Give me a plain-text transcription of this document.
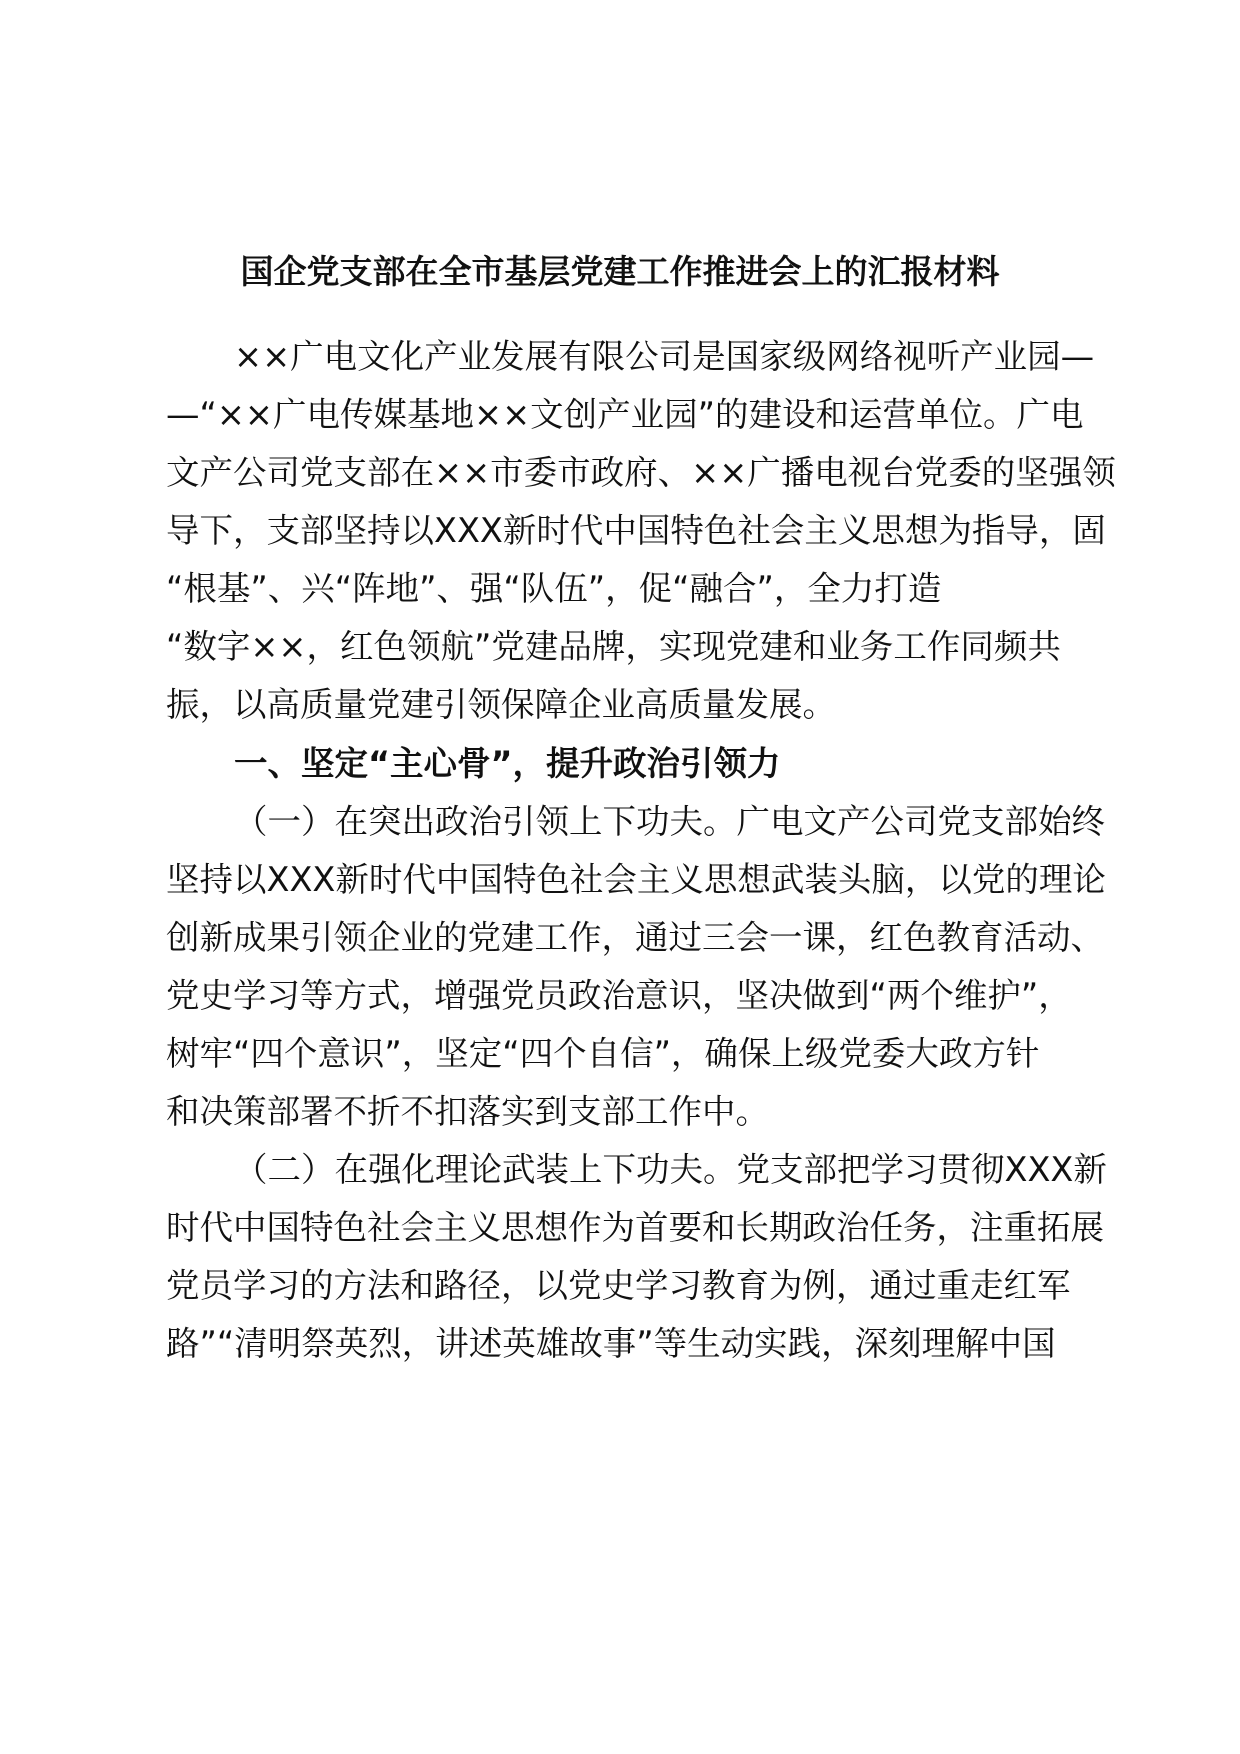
国企党支部在全市基层党建工作推进会上的汇报材料
××广电文化产业发展有限公司是国家级网络视听产业园—
—“××广电传媒基地××文创产业园”的建设和运营单位。广电
文产公司党支部在××市委市政府、××广播电视台党委的坚强领
导下，支部坚持以XXX新时代中国特色社会主义思想为指导，固
“根基”、兴“阵地”、强“队伍”，促“融合”，全力打造
“数字××，红色领航”党建品牌，实现党建和业务工作同频共
振，以高质量党建引领保障企业高质量发展。
一、坚定“主心骨”，提升政治引领力
（一）在突出政治引领上下功夫。广电文产公司党支部始终
坚持以XXX新时代中国特色社会主义思想武装头脑，以党的理论
创新成果引领企业的党建工作，通过三会一课，红色教育活动、
党史学习等方式，增强党员政治意识，坚决做到“两个维护”，
树牢“四个意识”，坚定“四个自信”，确保上级党委大政方针
和决策部署不折不扣落实到支部工作中。
（二）在强化理论武装上下功夫。党支部把学习贯彻XXX新
时代中国特色社会主义思想作为首要和长期政治任务，注重拓展
党员学习的方法和路径，以党史学习教育为例，通过重走红军
路”“清明祭英烈，讲述英雄故事”等生动实践，深刻理解中国
